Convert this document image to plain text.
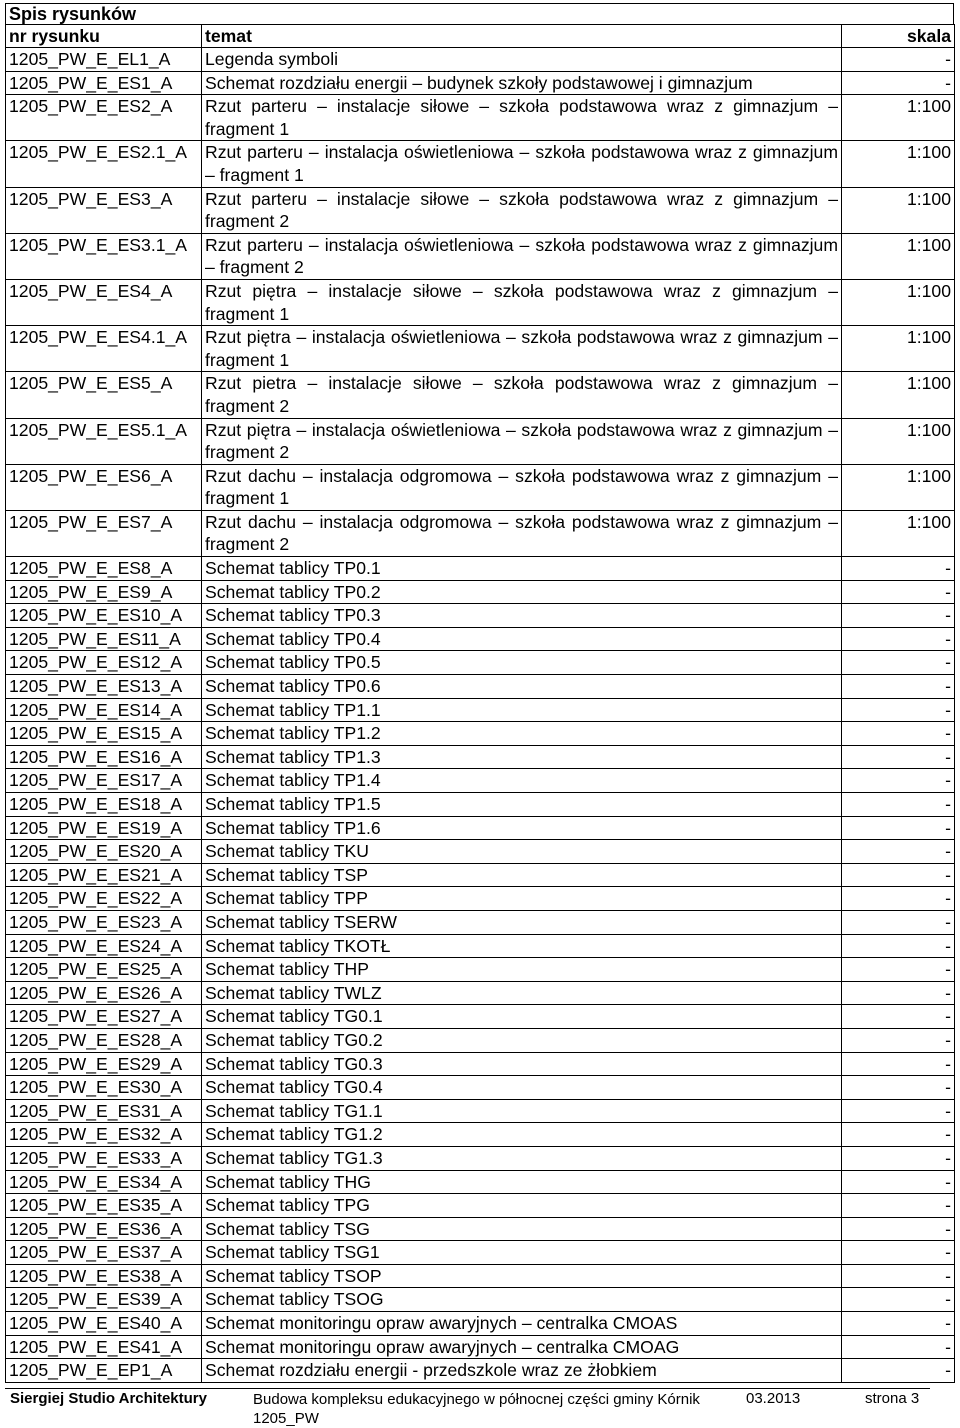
Spis rysunków
nr rysunku	temat	skala
1205_PW_E_EL1_A	Legenda symboli	-
1205_PW_E_ES1_A	Schemat rozdziału energii – budynek szkoły podstawowej i gimnazjum	-
1205_PW_E_ES2_A	Rzut parteru – instalacje siłowe – szkoła podstawowa wraz z gimnazjum – fragment 1	1:100
1205_PW_E_ES2.1_A	Rzut parteru – instalacja oświetleniowa – szkoła podstawowa wraz z gimnazjum – fragment 1	1:100
1205_PW_E_ES3_A	Rzut parteru – instalacje siłowe – szkoła podstawowa wraz z gimnazjum – fragment 2	1:100
1205_PW_E_ES3.1_A	Rzut parteru – instalacja oświetleniowa – szkoła podstawowa wraz z gimnazjum – fragment 2	1:100
1205_PW_E_ES4_A	Rzut piętra – instalacje siłowe – szkoła podstawowa wraz z gimnazjum – fragment 1	1:100
1205_PW_E_ES4.1_A	Rzut piętra – instalacja oświetleniowa – szkoła podstawowa wraz z gimnazjum – fragment 1	1:100
1205_PW_E_ES5_A	Rzut pietra – instalacje siłowe – szkoła podstawowa wraz z gimnazjum – fragment 2	1:100
1205_PW_E_ES5.1_A	Rzut piętra – instalacja oświetleniowa – szkoła podstawowa wraz z gimnazjum – fragment 2	1:100
1205_PW_E_ES6_A	Rzut dachu – instalacja odgromowa – szkoła podstawowa wraz z gimnazjum – fragment 1	1:100
1205_PW_E_ES7_A	Rzut dachu – instalacja odgromowa – szkoła podstawowa wraz z gimnazjum – fragment 2	1:100
1205_PW_E_ES8_A	Schemat tablicy TP0.1	-
1205_PW_E_ES9_A	Schemat tablicy TP0.2	-
1205_PW_E_ES10_A	Schemat tablicy TP0.3	-
1205_PW_E_ES11_A	Schemat tablicy TP0.4	-
1205_PW_E_ES12_A	Schemat tablicy TP0.5	-
1205_PW_E_ES13_A	Schemat tablicy TP0.6	-
1205_PW_E_ES14_A	Schemat tablicy TP1.1	-
1205_PW_E_ES15_A	Schemat tablicy TP1.2	-
1205_PW_E_ES16_A	Schemat tablicy TP1.3	-
1205_PW_E_ES17_A	Schemat tablicy TP1.4	-
1205_PW_E_ES18_A	Schemat tablicy TP1.5	-
1205_PW_E_ES19_A	Schemat tablicy TP1.6	-
1205_PW_E_ES20_A	Schemat tablicy TKU	-
1205_PW_E_ES21_A	Schemat tablicy TSP	-
1205_PW_E_ES22_A	Schemat tablicy TPP	-
1205_PW_E_ES23_A	Schemat tablicy TSERW	-
1205_PW_E_ES24_A	Schemat tablicy TKOTŁ	-
1205_PW_E_ES25_A	Schemat tablicy THP	-
1205_PW_E_ES26_A	Schemat tablicy TWLZ	-
1205_PW_E_ES27_A	Schemat tablicy TG0.1	-
1205_PW_E_ES28_A	Schemat tablicy TG0.2	-
1205_PW_E_ES29_A	Schemat tablicy TG0.3	-
1205_PW_E_ES30_A	Schemat tablicy TG0.4	-
1205_PW_E_ES31_A	Schemat tablicy TG1.1	-
1205_PW_E_ES32_A	Schemat tablicy TG1.2	-
1205_PW_E_ES33_A	Schemat tablicy TG1.3	-
1205_PW_E_ES34_A	Schemat tablicy THG	-
1205_PW_E_ES35_A	Schemat tablicy TPG	-
1205_PW_E_ES36_A	Schemat tablicy TSG	-
1205_PW_E_ES37_A	Schemat tablicy TSG1	-
1205_PW_E_ES38_A	Schemat tablicy TSOP	-
1205_PW_E_ES39_A	Schemat tablicy TSOG	-
1205_PW_E_ES40_A	Schemat monitoringu opraw awaryjnych – centralka CMOAS	-
1205_PW_E_ES41_A	Schemat monitoringu opraw awaryjnych – centralka CMOAG	-
1205_PW_E_EP1_A	Schemat rozdziału energii - przedszkole wraz ze żłobkiem	-
Siergiej Studio Architektury	Budowa kompleksu edukacyjnego w północnej części gminy Kórnik 1205_PW
03.2013	strona 3
